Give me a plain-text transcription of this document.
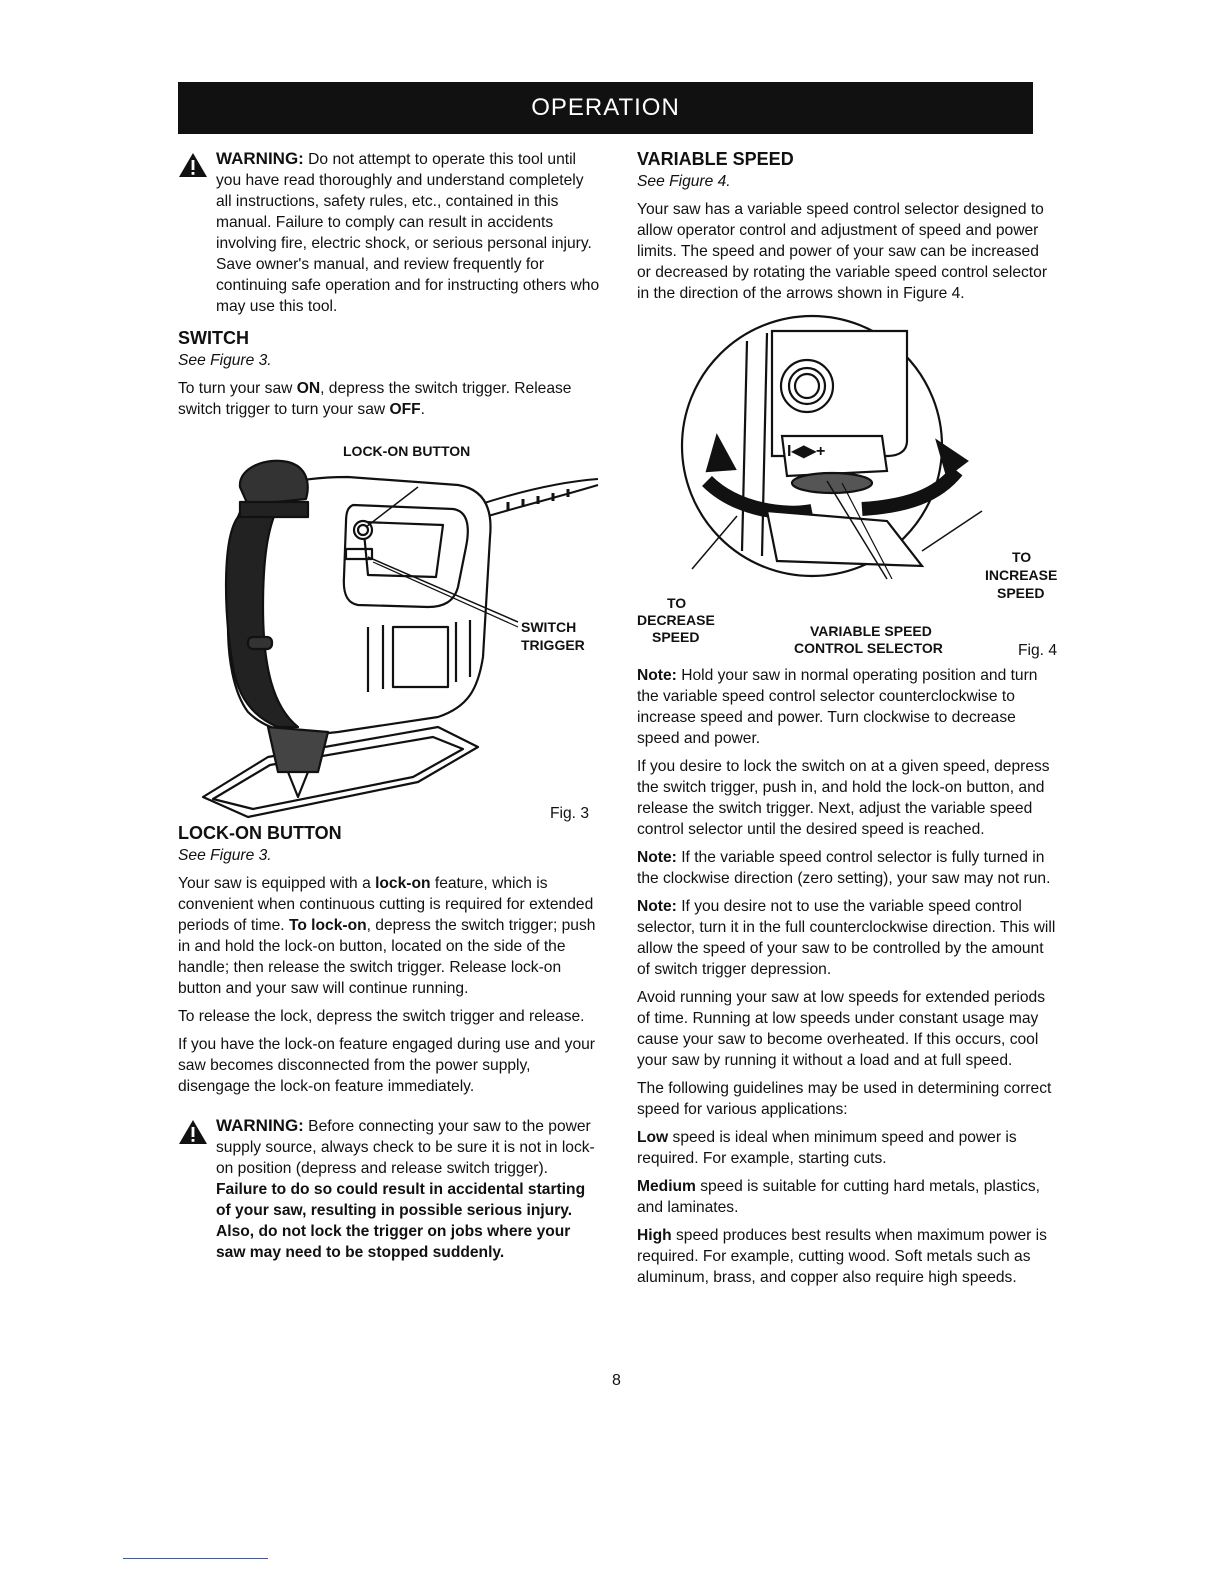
OPERATION

WARNING: Do not attempt to operate this tool until you have read thoroughly and understand completely all instructions, safety rules, etc., contained in this manual. Failure to comply can result in accidents involving fire, electric shock, or serious personal injury. Save owner's manual, and review frequently for continuing safe operation and for instructing others who may use this tool.

SWITCH

See Figure 3.

To turn your saw ON, depress the switch trigger. Release switch trigger to turn your saw OFF.

LOCK-ON BUTTON
SWITCH
TRIGGER
Fig. 3
LOCK-ON BUTTON

See Figure 3.

Your saw is equipped with a lock-on feature, which is convenient when continuous cutting is required for extended periods of time. To lock-on, depress the switch trigger; push in and hold the lock-on button, located on the side of the handle; then release the switch trigger. Release lock-on button and your saw will continue running.

To release the lock, depress the switch trigger and release.

If you have the lock-on feature engaged during use and your saw becomes disconnected from the power supply, disengage the lock-on feature immediately.

WARNING: Before connecting your saw to the power supply source, always check to be sure it is not in lock-on position (depress and release switch trigger). Failure to do so could result in accidental starting of your saw, resulting in possible serious injury. Also, do not lock the trigger on jobs where your saw may need to be stopped suddenly.

VARIABLE SPEED

See Figure 4.

Your saw has a variable speed control selector designed to allow operator control and adjustment of speed and power limits. The speed and power of your saw can be increased or decreased by rotating the variable speed control selector in the direction of the arrows shown in Figure 4.

I◀▶+
TO
INCREASE
SPEED
TO
DECREASE
SPEED	VARIABLE SPEED
CONTROL SELECTOR	Fig. 4

Note: Hold your saw in normal operating position and turn the variable speed control selector counterclockwise to increase speed and power. Turn clockwise to decrease speed and power.

If you desire to lock the switch on at a given speed, depress the switch trigger, push in, and hold the lock-on button, and release the switch trigger. Next, adjust the variable speed control selector until the desired speed is reached.

Note: If the variable speed control selector is fully turned in the clockwise direction (zero setting), your saw may not run.

Note: If you desire not to use the variable speed control selector, turn it in the full counterclockwise direction. This will allow the speed of your saw to be controlled by the amount of switch trigger depression.

Avoid running your saw at low speeds for extended periods of time. Running at low speeds under constant usage may cause your saw to become overheated. If this occurs, cool your saw by running it without a load and at full speed.

The following guidelines may be used in determining correct speed for various applications:

Low speed is ideal when minimum speed and power is required. For example, starting cuts.

Medium speed is suitable for cutting hard metals, plastics, and laminates.

High speed produces best results when maximum power is required. For example, cutting wood. Soft metals such as aluminum, brass, and copper also require high speeds.

8
